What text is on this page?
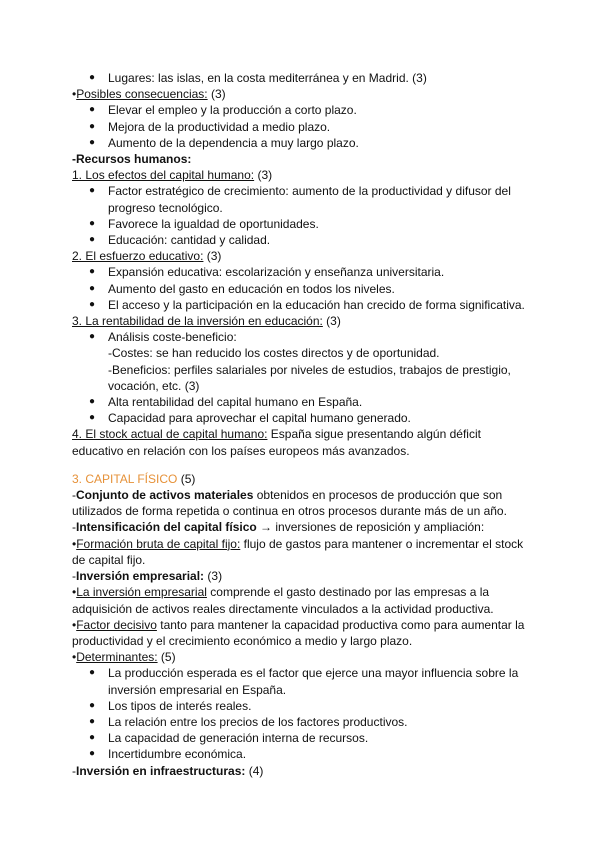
● Lugares: las islas, en la costa mediterránea y en Madrid. (3)
•Posibles consecuencias: (3)
● Elevar el empleo y la producción a corto plazo.
● Mejora de la productividad a medio plazo.
● Aumento de la dependencia a muy largo plazo.
-Recursos humanos:
1. Los efectos del capital humano: (3)
● Factor estratégico de crecimiento: aumento de la productividad y difusor del progreso tecnológico.
● Favorece la igualdad de oportunidades.
● Educación: cantidad y calidad.
2. El esfuerzo educativo: (3)
● Expansión educativa: escolarización y enseñanza universitaria.
● Aumento del gasto en educación en todos los niveles.
● El acceso y la participación en la educación han crecido de forma significativa.
3. La rentabilidad de la inversión en educación: (3)
● Análisis coste-beneficio:
-Costes: se han reducido los costes directos y de oportunidad.
-Beneficios: perfiles salariales por niveles de estudios, trabajos de prestigio, vocación, etc. (3)
● Alta rentabilidad del capital humano en España.
● Capacidad para aprovechar el capital humano generado.
4. El stock actual de capital humano: España sigue presentando algún déficit educativo en relación con los países europeos más avanzados.
3. CAPITAL FÍSICO (5)
-Conjunto de activos materiales obtenidos en procesos de producción que son utilizados de forma repetida o continua en otros procesos durante más de un año.
-Intensificación del capital físico → inversiones de reposición y ampliación:
•Formación bruta de capital fijo: flujo de gastos para mantener o incrementar el stock de capital fijo.
-Inversión empresarial: (3)
•La inversión empresarial comprende el gasto destinado por las empresas a la adquisición de activos reales directamente vinculados a la actividad productiva.
•Factor decisivo tanto para mantener la capacidad productiva como para aumentar la productividad y el crecimiento económico a medio y largo plazo.
•Determinantes: (5)
● La producción esperada es el factor que ejerce una mayor influencia sobre la inversión empresarial en España.
● Los tipos de interés reales.
● La relación entre los precios de los factores productivos.
● La capacidad de generación interna de recursos.
● Incertidumbre económica.
-Inversión en infraestructuras: (4)
